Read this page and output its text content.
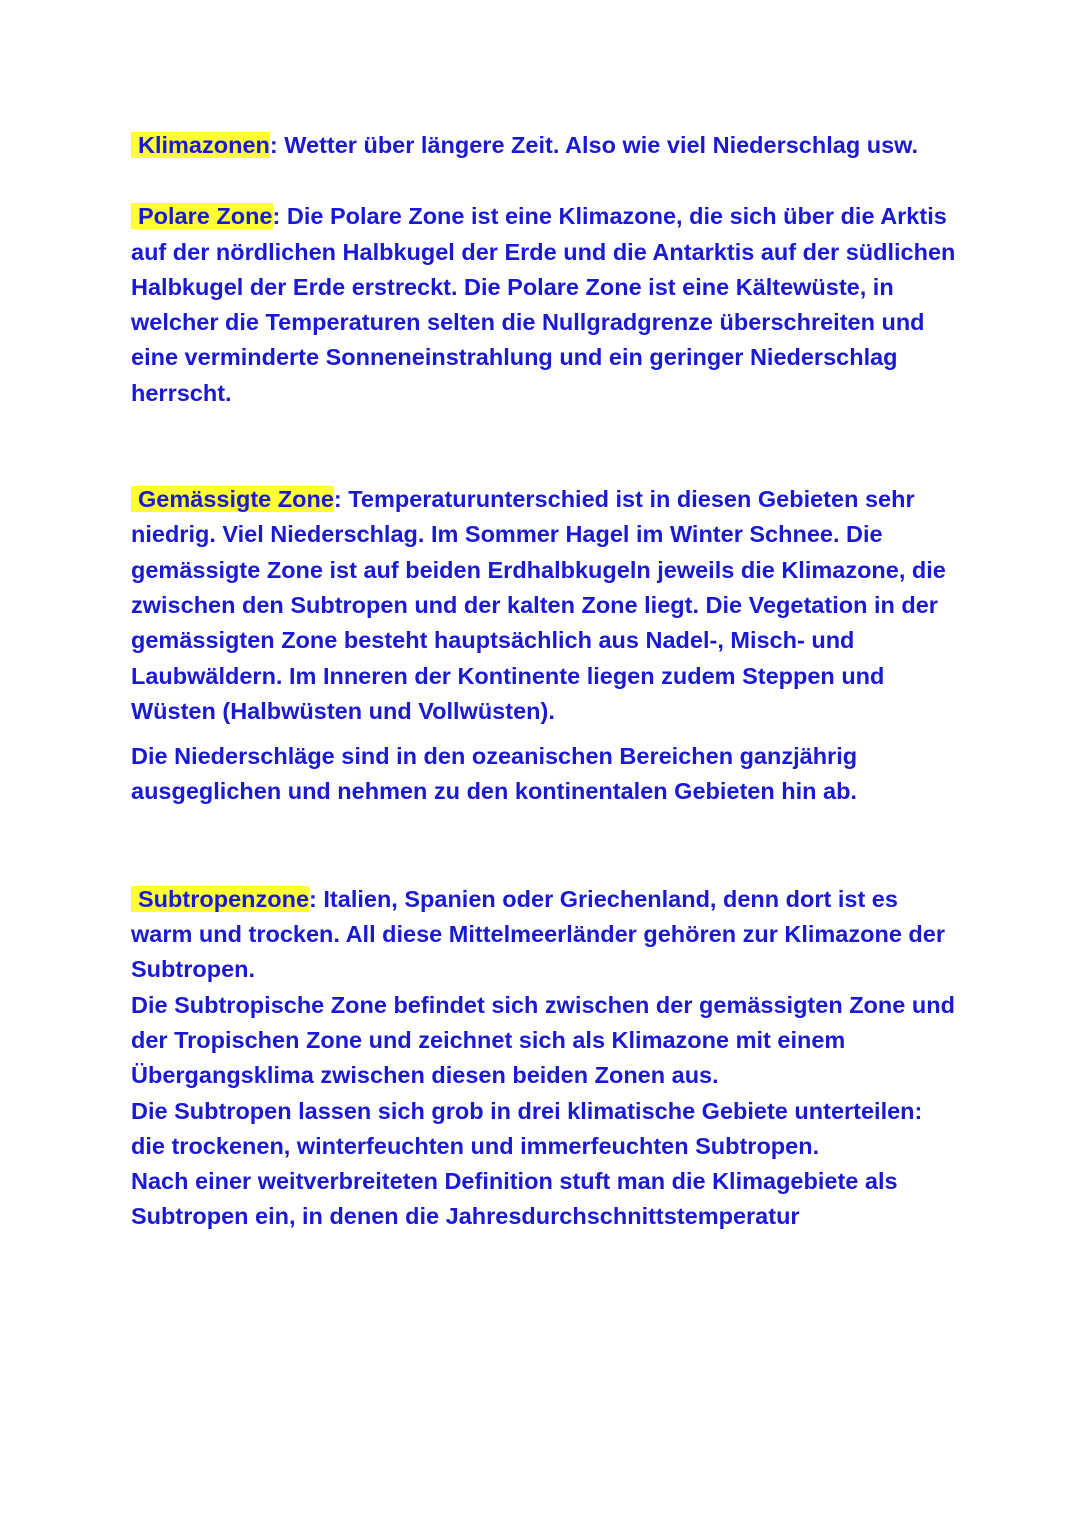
Klimazonen: Wetter über längere Zeit. Also wie viel Niederschlag usw.

Polare Zone: Die Polare Zone ist eine Klimazone, die sich über die Arktis auf der nördlichen Halbkugel der Erde und die Antarktis auf der südlichen Halbkugel der Erde erstreckt. Die Polare Zone ist eine Kältewüste, in welcher die Temperaturen selten die Nullgradgrenze überschreiten und eine verminderte Sonneneinstrahlung und ein geringer Niederschlag herrscht.

Gemässigte Zone: Temperaturunterschied ist in diesen Gebieten sehr niedrig. Viel Niederschlag. Im Sommer Hagel im Winter Schnee. Die gemässigte Zone ist auf beiden Erdhalbkugeln jeweils die Klimazone, die zwischen den Subtropen und der kalten Zone liegt. Die Vegetation in der gemässigten Zone besteht hauptsächlich aus Nadel-, Misch- und Laubwäldern. Im Inneren der Kontinente liegen zudem Steppen und Wüsten (Halbwüsten und Vollwüsten).

Die Niederschläge sind in den ozeanischen Bereichen ganzjährig ausgeglichen und nehmen zu den kontinentalen Gebieten hin ab.

Subtropenzone: Italien, Spanien oder Griechenland, denn dort ist es warm und trocken. All diese Mittelmeerländer gehören zur Klimazone der Subtropen.

Die Subtropische Zone befindet sich zwischen der gemässigten Zone und der Tropischen Zone und zeichnet sich als Klimazone mit einem Übergangsklima zwischen diesen beiden Zonen aus.

Die Subtropen lassen sich grob in drei klimatische Gebiete unterteilen: die trockenen, winterfeuchten und immerfeuchten Subtropen.

Nach einer weitverbreiteten Definition stuft man die Klimagebiete als Subtropen ein, in denen die Jahresdurchschnittstemperatur
